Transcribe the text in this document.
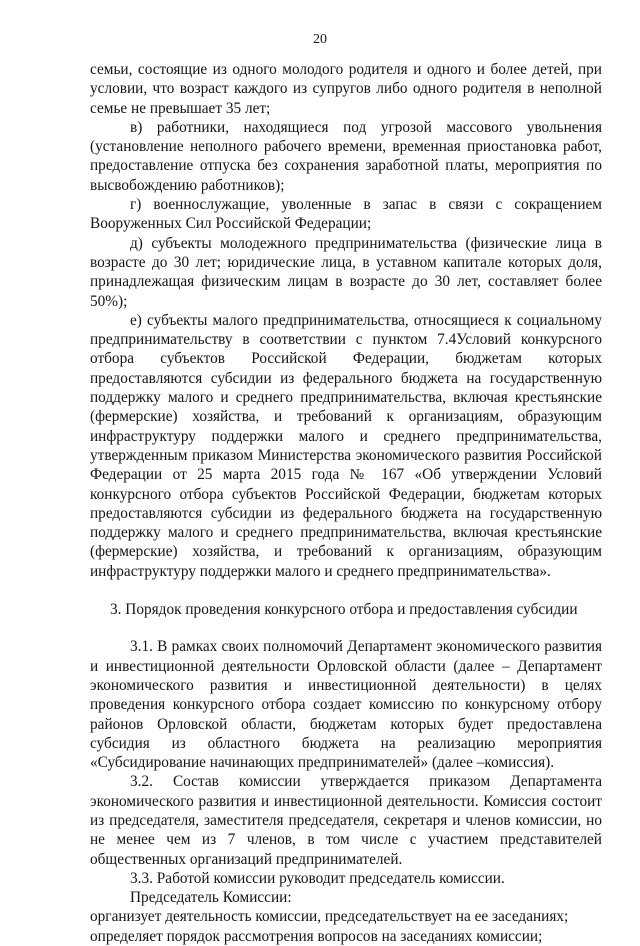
20

семьи, состоящие из одного молодого родителя и одного и более детей, при условии, что возраст каждого из супругов либо одного родителя в неполной семье не превышает 35 лет;

в) работники, находящиеся под угрозой массового увольнения (установление неполного рабочего времени, временная приостановка работ, предоставление отпуска без сохранения заработной платы, мероприятия по высвобождению работников);

г) военнослужащие, уволенные в запас в связи с сокращением Вооруженных Сил Российской Федерации;

д) субъекты молодежного предпринимательства (физические лица в возрасте до 30 лет; юридические лица, в уставном капитале которых доля, принадлежащая физическим лицам в возрасте до 30 лет, составляет более 50%);

е) субъекты малого предпринимательства, относящиеся к социальному предпринимательству в соответствии с пунктом 7.4Условий конкурсного отбора субъектов Российской Федерации, бюджетам которых предоставляются субсидии из федерального бюджета на государственную поддержку малого и среднего предпринимательства, включая крестьянские (фермерские) хозяйства, и требований к организациям, образующим инфраструктуру поддержки малого и среднего предпринимательства, утвержденным приказом Министерства экономического развития Российской Федерации от 25 марта 2015 года № 167 «Об утверждении Условий конкурсного отбора субъектов Российской Федерации, бюджетам которых предоставляются субсидии из федерального бюджета на государственную поддержку малого и среднего предпринимательства, включая крестьянские (фермерские) хозяйства, и требований к организациям, образующим инфраструктуру поддержки малого и среднего предпринимательства».

3. Порядок проведения конкурсного отбора и предоставления субсидии

3.1. В рамках своих полномочий Департамент экономического развития и инвестиционной деятельности Орловской области (далее – Департамент экономического развития и инвестиционной деятельности) в целях проведения конкурсного отбора создает комиссию по конкурсному отбору районов Орловской области, бюджетам которых будет предоставлена субсидия из областного бюджета на реализацию мероприятия «Субсидирование начинающих предпринимателей» (далее –комиссия).

3.2. Состав комиссии утверждается приказом Департамента экономического развития и инвестиционной деятельности. Комиссия состоит из председателя, заместителя председателя, секретаря и членов комиссии, но не менее чем из 7 членов, в том числе с участием представителей общественных организаций предпринимателей.

3.3. Работой комиссии руководит председатель комиссии.

Председатель Комиссии:

организует деятельность комиссии, председательствует на ее заседаниях;

определяет порядок рассмотрения вопросов на заседаниях комиссии;
